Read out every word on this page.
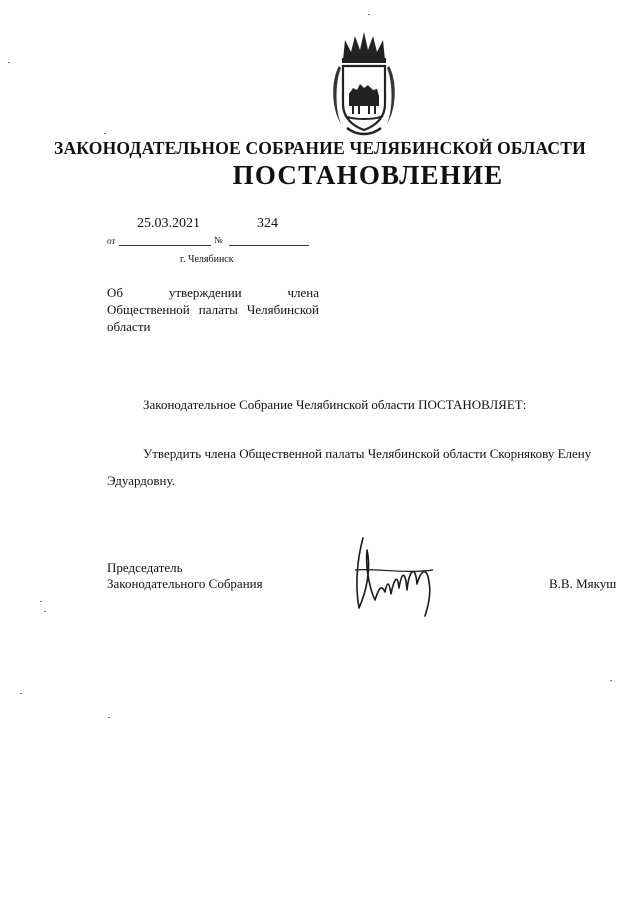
ЗАКОНОДАТЕЛЬНОЕ СОБРАНИЕ ЧЕЛЯБИНСКОЙ ОБЛАСТИ
ПОСТАНОВЛЕНИЕ
25.03.2021	324
от	№
г. Челябинск
Об утверждении члена Общественной палаты Челябинской области
Законодательное Собрание Челябинской области ПОСТАНОВЛЯЕТ:
Утвердить члена Общественной палаты Челябинской области Скорнякову Елену
Эдуардовну.
Председатель
Законодательного Собрания	В.В. Мякуш
